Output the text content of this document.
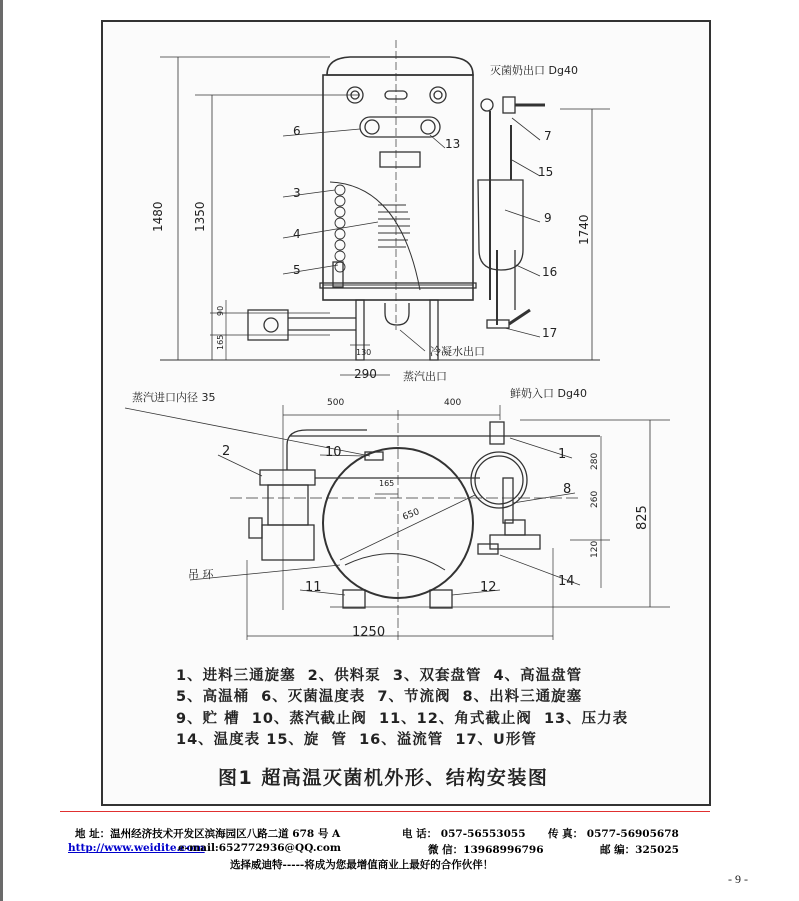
灭菌奶出口 Dg40
冷凝水出口
蒸汽出口
290
130
1480 1350	1740
90
165
6
3
4
5
13
7
15
9
16
17
蒸汽进口内径 35	鲜奶入口 Dg40
吊 环
500	400
165
650
1250
280
260
120
825
2	10	1
8
11	12	14
1、进料三通旋塞  2、供料泵  3、双套盘管  4、高温盘管
5、高温桶  6、灭菌温度表  7、节流阀  8、出料三通旋塞
9、贮 槽  10、蒸汽截止阀  11、12、角式截止阀  13、压力表
14、温度表 15、旋  管  16、溢流管  17、U形管
图1 超高温灭菌机外形、结构安装图
地 址：温州经济技术开发区滨海园区八路二道 678 号 A	电 话： 057-56553055 传 真： 0577-56905678
http://www.weidite.com
e-mail:652772936@QQ.com	微 信：13968996796	邮 编：325025
选择威迪特-----将成为您最增值商业上最好的合作伙伴！
- 9 -
